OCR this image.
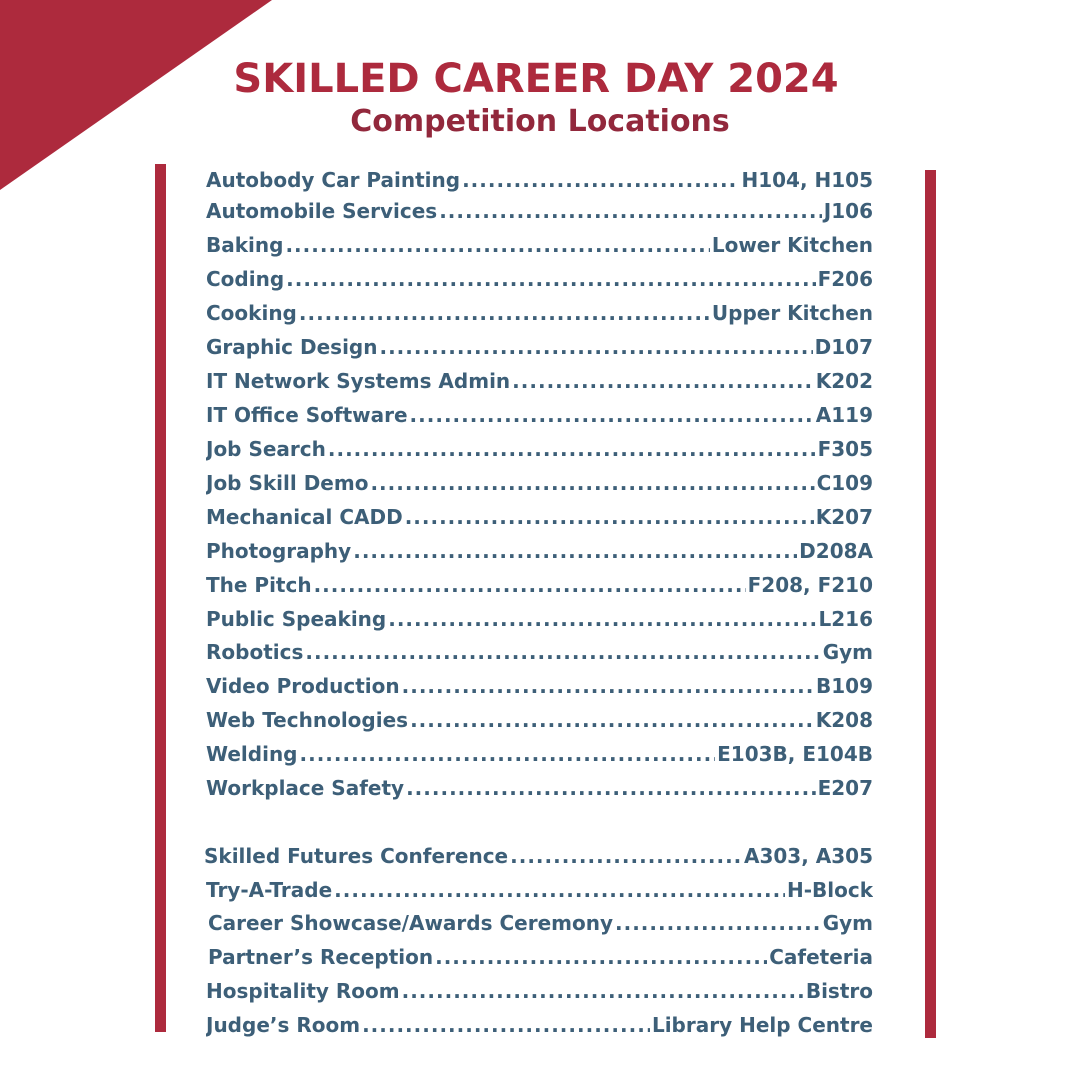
SKILLED CAREER DAY 2024
Competition Locations
Autobody Car Painting .....	H104, H105
Automobile Services .....	J106
Baking .....	Lower Kitchen
Coding .....	F206
Cooking .....	Upper Kitchen
Graphic Design .....	D107
IT Network Systems Admin .....	K202
IT Office Software .....	A119
Job Search .....	F305
Job Skill Demo .....	C109
Mechanical CADD .....	K207
Photography .....	D208A
The Pitch .....	F208, F210
Public Speaking .....	L216
Robotics .....	Gym
Video Production .....	B109
Web Technologies .....	K208
Welding .....	E103B, E104B
Workplace Safety .....	E207
Skilled Futures Conference .....	A303, A305
Try-A-Trade .....	H-Block
Career Showcase/Awards Ceremony .....	Gym
Partner’s Reception .....	Cafeteria
Hospitality Room .....	Bistro
Judge’s Room .....	Library Help Centre
